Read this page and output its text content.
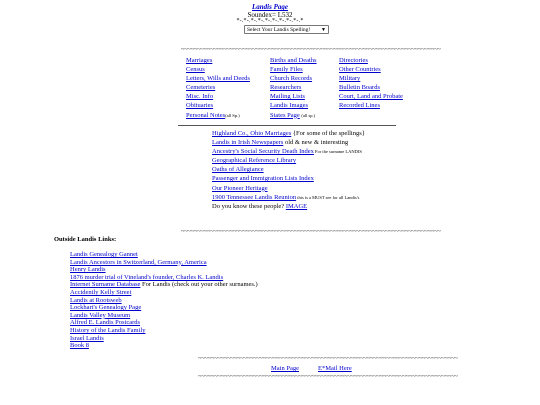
Landis Page
Soundex= L532
*-.*-.*-.*-.*-.*-.*-.*-.*-.*
Select Your Landis Spelling! ▼
~~~~~~~~~~~~~~~~~~~~~~~~~~~~~~~~~~~~~~~~~~~~~~~~~~~~~~~~~~~~~~~~~~~~~~~~~~~~~~~~
Marriages
Census
Letters, Wills and Deeds
Cemeteries
Misc. Info
Obituaries
Personal Notes(all Sp.)
Births and Deaths
Family Files
Church Records
Researchers
Mailing Lists
Landis Images
States Page (all sp.)
Directories
Other Countries
Military
Bulletin Boards
Court, Land and Probate
Recorded Lines
Highland Co., Ohio Marriages {For some of the spellings}
Landis in Irish Newspapers old & new & interesting
Ancestry's Social Security Death Index For the surname LANDIS
Geographical Reference Library
Oaths of Allegiance
Passenger and Immigration Lists Index
Our Pioneer Heritage
1900 Tennessee Landis Reunion this is a MUST see for all Landis's
Do you know these people? IMAGE
~~~~~~~~~~~~~~~~~~~~~~~~~~~~~~~~~~~~~~~~~~~~~~~~~~~~~~~~~~~~~~~~~~~~~~~~~~~~~~~~
Outside Landis Links:
Landis Genealogy Gannet
Landis Ancestors in Switzerland, Germany, America
Henry Landis
1876 murder trial of Vineland's founder, Charles K. Landis
Internet Surname Database For Landis (check out your other surnames.)
Accidently Kelly Street
Landis at Rootsweb
Lockhart's Genealogy Page
Landis Valley Museum
Alfred E. Landis Postcards
History of the Landis Family
Israel Landis
Book 8
~~~~~~~~~~~~~~~~~~~~~~~~~~~~~~~~~~~~~~~~~~~~~~~~~~~~~~~~~~~~~~~~~~~~~~~~~~~~~~~~
Main Page	E*Mail Here
~~~~~~~~~~~~~~~~~~~~~~~~~~~~~~~~~~~~~~~~~~~~~~~~~~~~~~~~~~~~~~~~~~~~~~~~~~~~~~~~
